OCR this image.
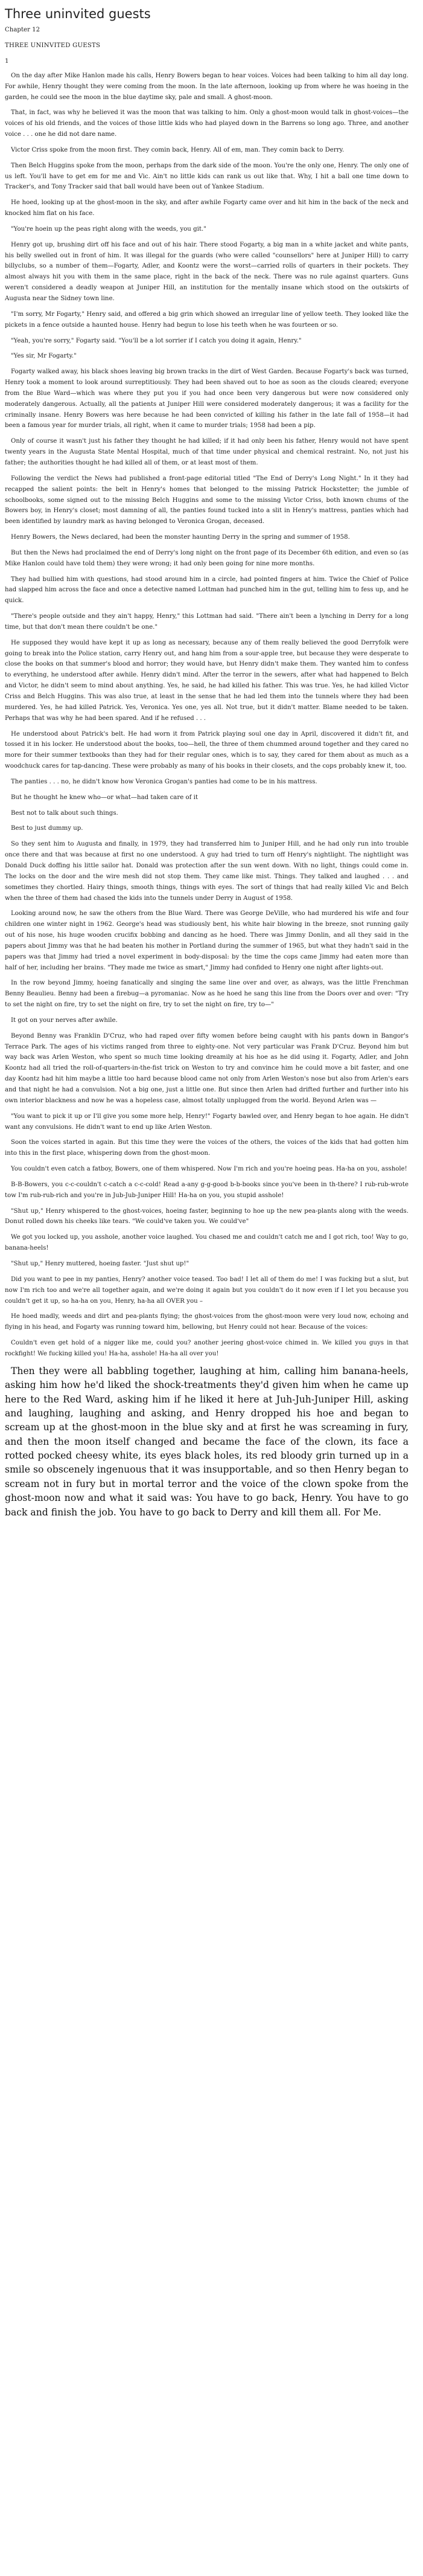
Three uninvited guests
Chapter 12
THREE UNINVITED GUESTS
1

On the day after Mike Hanlon made his calls, Henry Bowers began to hear voices. Voices had been talking to him all day long. For awhile, Henry thought they were coming from the moon. In the late afternoon, looking up from where he was hoeing in the garden, he could see the moon in the blue daytime sky, pale and small. A ghost-moon.

That, in fact, was why he believed it was the moon that was talking to him. Only a ghost-moon would talk in ghost-voices—the voices of his old friends, and the voices of those little kids who had played down in the Barrens so long ago. Three, and another voice . . . one he did not dare name.

Victor Criss spoke from the moon first. They comin back, Henry. All of em, man. They comin back to Derry.

Then Belch Huggins spoke from the moon, perhaps from the dark side of the moon. You're the only one, Henry. The only one of us left. You'll have to get em for me and Vic. Ain't no little kids can rank us out like that. Why, I hit a ball one time down to Tracker's, and Tony Tracker said that ball would have been out of Yankee Stadium.

He hoed, looking up at the ghost-moon in the sky, and after awhile Fogarty came over and hit him in the back of the neck and knocked him flat on his face.

"You're hoein up the peas right along with the weeds, you git."

Henry got up, brushing dirt off his face and out of his hair. There stood Fogarty, a big man in a white jacket and white pants, his belly swelled out in front of him. It was illegal for the guards (who were called "counsellors" here at Juniper Hill) to carry billyclubs, so a number of them—Fogarty, Adler, and Koontz were the worst—carried rolls of quarters in their pockets. They almost always hit you with them in the same place, right in the back of the neck. There was no rule against quarters. Guns weren't considered a deadly weapon at Juniper Hill, an institution for the mentally insane which stood on the outskirts of Augusta near the Sidney town line.

"I'm sorry, Mr Fogarty," Henry said, and offered a big grin which showed an irregular line of yellow teeth. They looked like the pickets in a fence outside a haunted house. Henry had begun to lose his teeth when he was fourteen or so.

"Yeah, you're sorry," Fogarty said. "You'll be a lot sorrier if I catch you doing it again, Henry."

"Yes sir, Mr Fogarty."

Fogarty walked away, his black shoes leaving big brown tracks in the dirt of West Garden. Because Fogarty's back was turned, Henry took a moment to look around surreptitiously. They had been shaved out to hoe as soon as the clouds cleared; everyone from the Blue Ward—which was where they put you if you had once been very dangerous but were now considered only moderately dangerous. Actually, all the patients at Juniper Hill were considered moderately dangerous; it was a facility for the criminally insane. Henry Bowers was here because he had been convicted of killing his father in the late fall of 1958—it had been a famous year for murder trials, all right, when it came to murder trials; 1958 had been a pip.

Only of course it wasn't just his father they thought he had killed; if it had only been his father, Henry would not have spent twenty years in the Augusta State Mental Hospital, much of that time under physical and chemical restraint. No, not just his father; the authorities thought he had killed all of them, or at least most of them.

Following the verdict the News had published a front-page editorial titled "The End of Derry's Long Night." In it they had recapped the salient points: the belt in Henry's homes that belonged to the missing Patrick Hockstetter; the jumble of schoolbooks, some signed out to the missing Belch Huggins and some to the missing Victor Criss, both known chums of the Bowers boy, in Henry's closet; most damning of all, the panties found tucked into a slit in Henry's mattress, panties which had been identified by laundry mark as having belonged to Veronica Grogan, deceased.

Henry Bowers, the News declared, had been the monster haunting Derry in the spring and summer of 1958.

But then the News had proclaimed the end of Derry's long night on the front page of its December 6th edition, and even so (as Mike Hanlon could have told them) they were wrong; it had only been going for nine more months.

They had bullied him with questions, had stood around him in a circle, had pointed fingers at him. Twice the Chief of Police had slapped him across the face and once a detective named Lottman had punched him in the gut, telling him to fess up, and he quick.

"There's people outside and they ain't happy, Henry," this Lottman had said. "There ain't been a lynching in Derry for a long time, but that don't mean there couldn't be one."

He supposed they would have kept it up as long as necessary, because any of them really believed the good Derryfolk were going to break into the Police station, carry Henry out, and hang him from a sour-apple tree, but because they were desperate to close the books on that summer's blood and horror; they would have, but Henry didn't make them. They wanted him to confess to everything, he understood after awhile. Henry didn't mind. After the terror in the sewers, after what had happened to Belch and Victor, he didn't seem to mind about anything. Yes, he said, he had killed his father. This was true. Yes, he had killed Victor Criss and Belch Huggins. This was also true, at least in the sense that he had led them into the tunnels where they had been murdered. Yes, he had killed Patrick. Yes, Veronica. Yes one, yes all. Not true, but it didn't matter. Blame needed to be taken. Perhaps that was why he had been spared. And if he refused . . .

He understood about Patrick's belt. He had worn it from Patrick playing soul one day in April, discovered it didn't fit, and tossed it in his locker. He understood about the books, too—hell, the three of them chummed around together and they cared no more for their summer textbooks than they had for their regular ones, which is to say, they cared for them about as much as a woodchuck cares for tap-dancing. These were probably as many of his books in their closets, and the cops probably knew it, too.

The panties . . . no, he didn't know how Veronica Grogan's panties had come to be in his mattress.

But he thought he knew who—or what—had taken care of it

Best not to talk about such things.

Best to just dummy up.

So they sent him to Augusta and finally, in 1979, they had transferred him to Juniper Hill, and he had only run into trouble once there and that was because at first no one understood. A guy had tried to turn off Henry's nightlight. The nightlight was Donald Duck doffing his little sailor hat. Donald was protection after the sun went down. With no light, things could come in. The locks on the door and the wire mesh did not stop them. They came like mist. Things. They talked and laughed . . . and sometimes they chortled. Hairy things, smooth things, things with eyes. The sort of things that had really killed Vic and Belch when the three of them had chased the kids into the tunnels under Derry in August of 1958.

Looking around now, he saw the others from the Blue Ward. There was George DeVille, who had murdered his wife and four children one winter night in 1962. George's head was studiously bent, his white hair blowing in the breeze, snot running gaily out of his nose, his huge wooden crucifix bobbing and dancing as he hoed. There was Jimmy Donlin, and all they said in the papers about Jimmy was that he had beaten his mother in Portland during the summer of 1965, but what they hadn't said in the papers was that Jimmy had tried a novel experiment in body-disposal: by the time the cops came Jimmy had eaten more than half of her, including her brains. "They made me twice as smart," Jimmy had confided to Henry one night after lights-out.

In the row beyond Jimmy, hoeing fanatically and singing the same line over and over, as always, was the little Frenchman Benny Beaulieu. Benny had been a firebug—a pyromaniac. Now as he hoed he sang this line from the Doors over and over: "Try to set the night on fire, try to set the night on fire, try to set the night on fire, try to—"

It got on your nerves after awhile.

Beyond Benny was Franklin D'Cruz, who had raped over fifty women before being caught with his pants down in Bangor's Terrace Park. The ages of his victims ranged from three to eighty-one. Not very particular was Frank D'Cruz. Beyond him but way back was Arlen Weston, who spent so much time looking dreamily at his hoe as he did using it. Fogarty, Adler, and John Koontz had all tried the roll-of-quarters-in-the-fist trick on Weston to try and convince him he could move a bit faster, and one day Koontz had hit him maybe a little too hard because blood came not only from Arlen Weston's nose but also from Arlen's ears and that night he had a convulsion. Not a big one, just a little one. But since then Arlen had drifted further and further into his own interior blackness and now he was a hopeless case, almost totally unplugged from the world. Beyond Arlen was —

"You want to pick it up or I'll give you some more help, Henry!" Fogarty bawled over, and Henry began to hoe again. He didn't want any convulsions. He didn't want to end up like Arlen Weston.

Soon the voices started in again. But this time they were the voices of the others, the voices of the kids that had gotten him into this in the first place, whispering down from the ghost-moon.

You couldn't even catch a fatboy, Bowers, one of them whispered. Now I'm rich and you're hoeing peas. Ha-ha on you, asshole!

B-B-Bowers, you c-c-couldn't c-catch a c-c-cold! Read a-any g-g-good b-b-books since you've been in th-there? I rub-rub-wrote tow I'm rub-rub-rich and you're in Jub-Jub-Juniper Hill! Ha-ha on you, you stupid asshole!

"Shut up," Henry whispered to the ghost-voices, hoeing faster, beginning to hoe up the new pea-plants along with the weeds. Donut rolled down his cheeks like tears. "We could've taken you. We could've"

We got you locked up, you asshole, another voice laughed. You chased me and couldn't catch me and I got rich, too! Way to go, banana-heels!

"Shut up," Henry muttered, hoeing faster. "Just shut up!"

Did you want to pee in my panties, Henry? another voice teased. Too bad! I let all of them do me! I was fucking but a slut, but now I'm rich too and we're all together again, and we're doing it again but you couldn't do it now even if I let you because you couldn't get it up, so ha-ha on you, Henry, ha-ha all OVER you –

He hoed madly, weeds and dirt and pea-plants flying; the ghost-voices from the ghost-moon were very loud now, echoing and flying in his head, and Fogarty was running toward him, bellowing, but Henry could not hear. Because of the voices:

Couldn't even get hold of a nigger like me, could you? another jeering ghost-voice chimed in. We killed you guys in that rockfight! We fucking killed you! Ha-ha, asshole! Ha-ha all over you!

Then they were all babbling together, laughing at him, calling him banana-heels, asking him how he'd liked the shock-treatments they'd given him when he came up here to the Red Ward, asking him if he liked it here at Juh-Juh-Juniper Hill, asking and laughing, laughing and asking, and Henry dropped his hoe and began to scream up at the ghost-moon in the blue sky and at first he was screaming in fury, and then the moon itself changed and became the face of the clown, its face a rotted pocked cheesy white, its eyes black holes, its red bloody grin turned up in a smile so obscenely ingenuous that it was insupportable, and so then Henry began to scream not in fury but in mortal terror and the voice of the clown spoke from the ghost-moon now and what it said was: You have to go back, Henry. You have to go back and finish the job. You have to go back to Derry and kill them all. For Me.
